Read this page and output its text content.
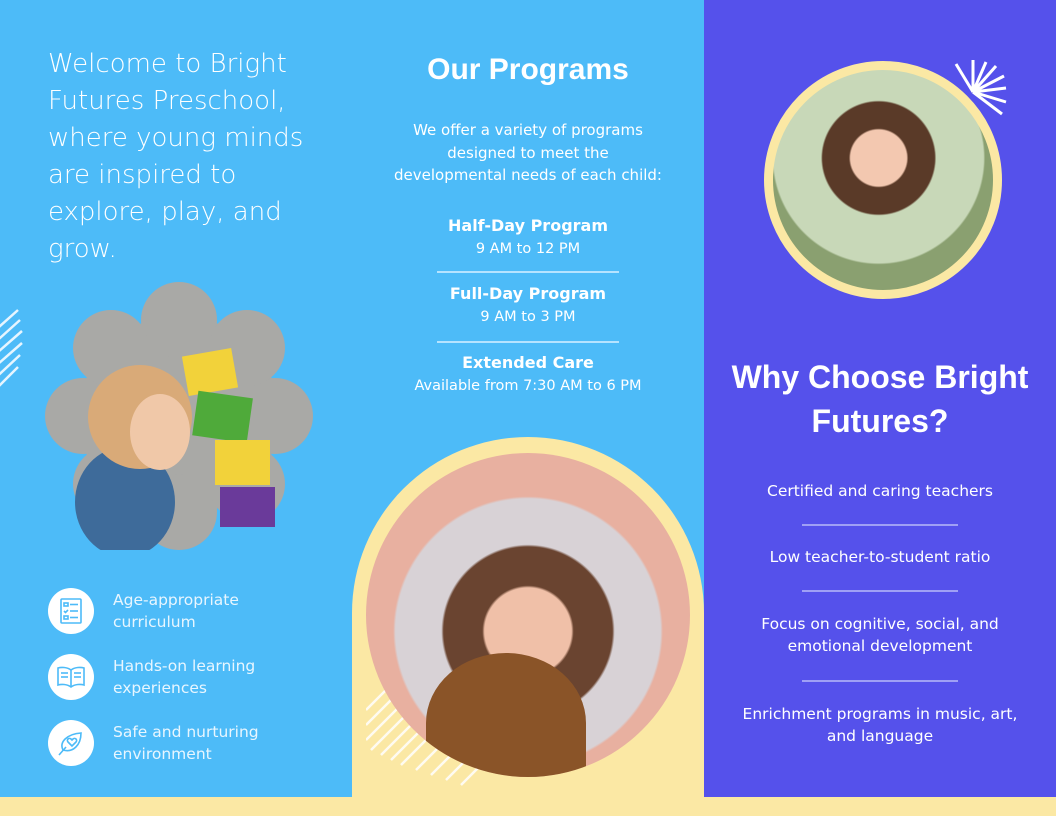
Welcome to Bright Futures Preschool, where young minds are inspired to explore, play, and grow.
Age-appropriate curriculum
Hands-on learning experiences
Safe and nurturing environment
Our Programs
We offer a variety of programs designed to meet the developmental needs of each child:
Half-Day Program
9 AM to 12 PM
Full-Day Program
9 AM to 3 PM
Extended Care
Available from 7:30 AM to 6 PM	Why Choose Bright Futures?
Certified and caring teachers
Low teacher-to-student ratio
Focus on cognitive, social, and emotional development
Enrichment programs in music, art, and language
